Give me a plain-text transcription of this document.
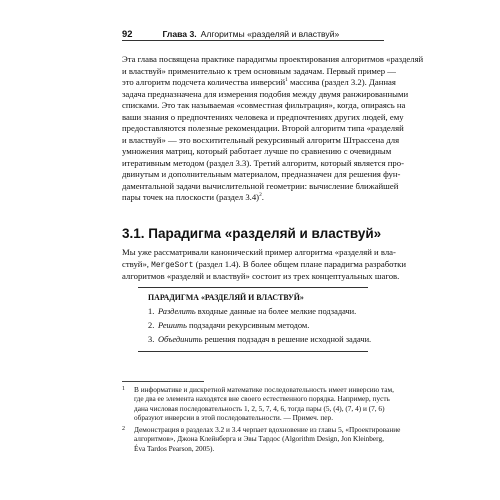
92	Глава 3. Алгоритмы «разделяй и властвуй»
Эта глава посвящена практике парадигмы проектирования алгоритмов «разделяй
и властвуй» применительно к трем основным задачам. Первый пример —
это алгоритм подсчета количества инверсий$^1$ массива (раздел 3.2). Данная
задача предназначена для измерения подобия между двумя ранжированными
списками. Это так называемая «совместная фильтрация», когда, опираясь на
ваши знания о предпочтениях человека и предпочтениях других людей, ему
предоставляются полезные рекомендации. Второй алгоритм типа «разделяй
и властвуй» — это восхитительный рекурсивный алгоритм Штрассена для
умножения матриц, который работает лучше по сравнению с очевидным
итеративным методом (раздел 3.3). Третий алгоритм, который является про-
двинутым и дополнительным материалом, предназначен для решения фун-
даментальной задачи вычислительной геометрии: вычисление ближайшей
пары точек на плоскости (раздел 3.4)$^2$.
3.1. Парадигма «разделяй и властвуй»
Мы уже рассматривали канонический пример алгоритма «разделяй и вла-
ствуй», MergeSort (раздел 1.4). В более общем плане парадигма разработки
алгоритмов «разделяй и властвуй» состоит из трех концептуальных шагов.
ПАРАДИГМА «РАЗДЕЛЯЙ И ВЛАСТВУЙ»
1. Разделить входные данные на более мелкие подзадачи.
2. Решить подзадачи рекурсивным методом.
3. Объединить решения подзадач в решение исходной задачи.
1 В информатике и дискретной математике последовательность имеет инверсию там,
где два ее элемента находятся вне своего естественного порядка. Например, пусть
дана числовая последовательность 1, 2, 5, 7, 4, 6, тогда пары (5, (4), (7, 4) и (7, 6)
образуют инверсии в этой последовательности. — Примеч. пер.
2 Демонстрация в разделах 3.2 и 3.4 черпает вдохновение из главы 5, «Проектирование
алгоритмов», Джона Клейнберга и Эвы Тардос (Algorithm Design, Jon Kleinberg,
Éva Tardos Pearson, 2005).
